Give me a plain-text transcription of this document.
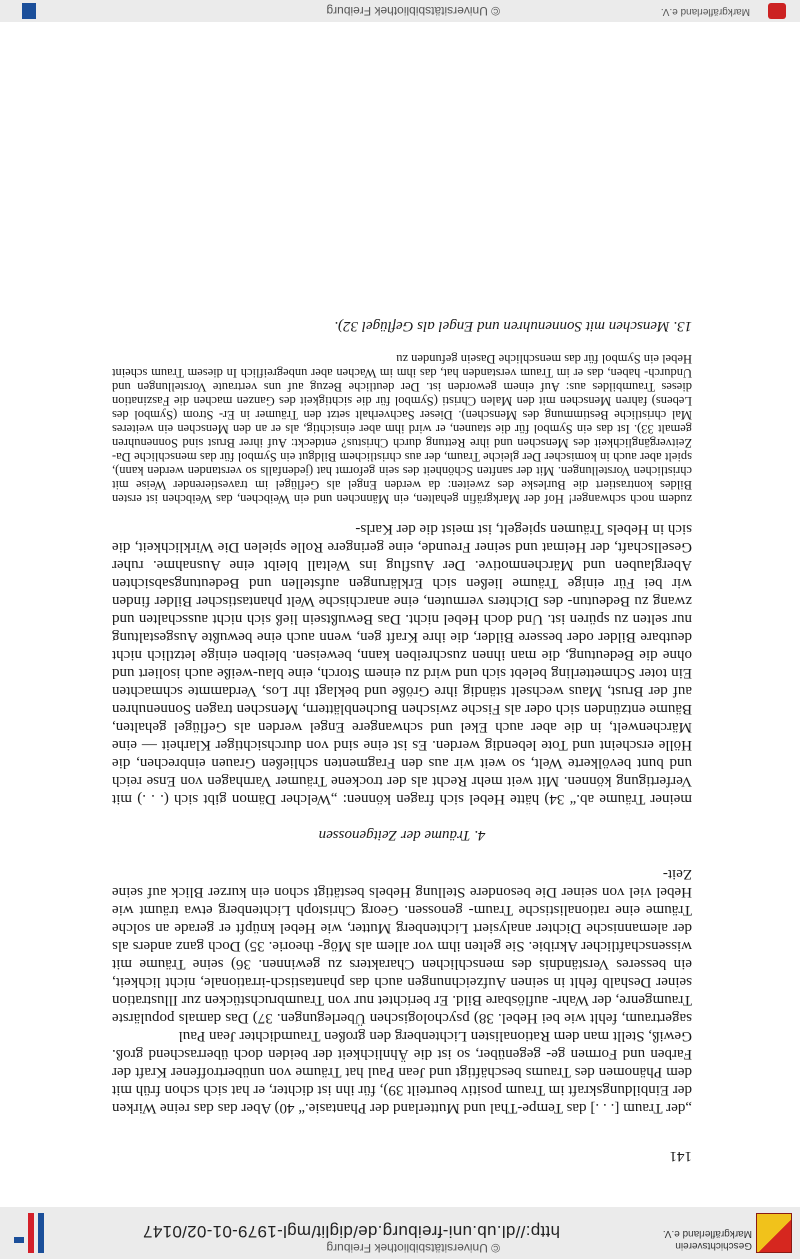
Geschichtsverein
Markgräflerland e.V.
© Universitätsbibliothek Freiburg
http://dl.ub.uni-freiburg.de/diglit/mgl-1979-01-02/0147
141

„der Traum [. . .] das Tempe-Thal und Mutterland der Phantasie.“ 40) Aber das das reine Wirken der Einbildungskraft im Traum positiv beurteilt 39), für ihn ist dichter, er hat sich schon früh mit dem Phänomen des Traums beschäftigt und Jean Paul hat Träume von unübertroffener Kraft der Farben und Formen ge- gegenüber, so ist die Ähnlichkeit der beiden doch überraschend groß. Gewiß, Stellt man dem Rationalisten Lichtenberg den großen Traumdichter Jean Paul

sagertraum, fehlt wie bei Hebel. 38) psychologischen Überlegungen. 37) Das damals populärste Traumgenre, der Wahr- auflösbare Bild. Er berichtet nur von Traumbruchstücken zur Illustration seiner Deshalb fehlt in seinen Aufzeichnungen auch das phantastisch-irrationale, nicht lichkeit, ein besseres Verständnis des menschlichen Charakters zu gewinnen. 36) seine Träume mit wissenschaftlicher Akribie. Sie gelten ihm vor allem als Mög- theorie. 35) Doch ganz anders als der alemannische Dichter analysiert Lichtenberg Mutter, wie Hebel knüpft er gerade an solche Träume eine rationalistische Traum- genossen. Georg Christoph Lichtenberg etwa träumt wie Hebel viel von seiner Die besondere Stellung Hebels bestätigt schon ein kurzer Blick auf seine Zeit-

4. Träume der Zeitgenossen

meiner Träume ab.“ 34) hätte Hebel sich fragen können: „Welcher Dämon gibt sich (. . .) mit Verfertigung können. Mit weit mehr Recht als der trockene Träumer Varnhagen von Ense reich und bunt bevölkerte Welt, so weit wir aus den Fragmenten schließen Grauen einbrechen, die Hölle erscheint und Tote lebendig werden. Es ist eine sind von durchsichtiger Klarheit — eine Märchenwelt, in die aber auch Ekel und schwangere Engel werden als Geflügel gehalten, Bäume entzünden sich oder als Fische zwischen Buchenblättern, Menschen tragen Sonnenuhren auf der Brust, Maus wechselt ständig ihre Größe und beklagt ihr Los, Verdammte schmachten Ein toter Schmetterling belebt sich und wird zu einem Storch, eine blau-weiße auch isoliert und ohne die Bedeutung, die man ihnen zuschreiben kann, beweisen. bleiben einige letztlich nicht deutbare Bilder oder bessere Bilder, die ihre Kraft gen, wenn auch eine bewußte Ausgestaltung nur selten zu spüren ist. Und doch Hebel nicht. Das Bewußtsein ließ sich nicht ausschalten und zwang zu Bedeutun- des Dichters vermuten, eine anarchische Welt phantastischer Bilder finden wir bei Für einige Träume ließen sich Erklärungen aufstellen und Bedeutungsabsichten Aberglauben und Märchenmotive. Der Ausflug ins Weltall bleibt eine Ausnahme. ruher Gesellschaft, der Heimat und seiner Freunde, eine geringere Rolle spielen Die Wirklichkeit, die sich in Hebels Träumen spiegelt, ist meist die der Karls-

zudem noch schwanger! Hof der Markgräfin gehalten, ein Männchen und ein Weibchen, das Weibchen ist ersten Bildes kontrastiert die Burleske des zweiten: da werden Engel als Geflügel im travestierender Weise mit christlichen Vorstellungen. Mit der sanften Schönheit des sein geformt hat (jedenfalls so verstanden werden kann), spielt aber auch in komischer Der gleiche Traum, der aus christlichem Bildgut ein Symbol für das menschliche Da- Zeitvergänglichkeit des Menschen und ihre Rettung durch Christus? entdeckt: Auf ihrer Brust sind Sonnenuhren gemalt 33). Ist das ein Symbol für die staunen, er wird ihm aber einsichtig, als er an den Menschen ein weiteres Mal christliche Bestimmung des Menschen). Dieser Sachverhalt setzt den Träumer in Er- Strom (Symbol des Lebens) fahren Menschen mit den Malen Christi (Symbol für die sichtigkeit des Ganzen machen die Faszination dieses Traumbildes aus: Auf einem geworden ist. Der deutliche Bezug auf uns vertraute Vorstellungen und Undurch- haben, das er im Traum verstanden hat, das ihm im Wachen aber unbegreiflich In diesem Traum scheint Hebel ein Symbol für das menschliche Dasein gefunden zu

13. Menschen mit Sonnenuhren und Engel als Geflügel 32).
Markgräflerland e.V.
© Universitätsbibliothek Freiburg
